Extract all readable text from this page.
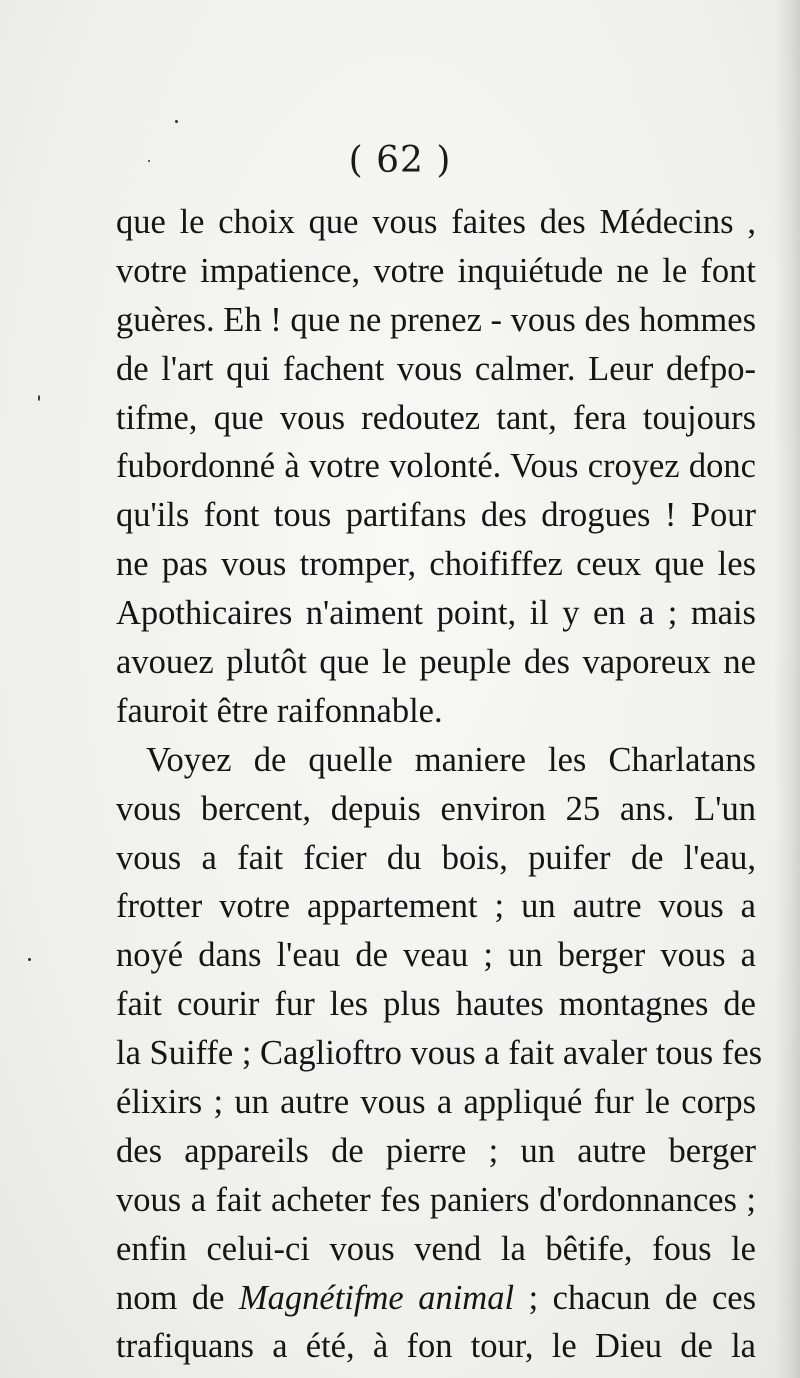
( 62 )
que le choix que vous faites des Médecins ,
votre impatience, votre inquiétude ne le font
guères. Eh ! que ne prenez - vous des hommes
de l'art qui fachent vous calmer. Leur defpo-
tifme, que vous redoutez tant, fera toujours
fubordonné à votre volonté. Vous croyez donc
qu'ils font tous partifans des drogues ! Pour
ne pas vous tromper, choififfez ceux que les
Apothicaires n'aiment point, il y en a ; mais
avouez plutôt que le peuple des vaporeux ne
fauroit être raifonnable.
Voyez de quelle maniere les Charlatans
vous bercent, depuis environ 25 ans. L'un
vous a fait fcier du bois, puifer de l'eau,
frotter votre appartement ; un autre vous a
noyé dans l'eau de veau ; un berger vous a
fait courir fur les plus hautes montagnes de
la Suiffe ; Caglioftro vous a fait avaler tous fes
élixirs ; un autre vous a appliqué fur le corps
des appareils de pierre ; un autre berger
vous a fait acheter fes paniers d'ordonnances ;
enfin celui-ci vous vend la bêtife, fous le
nom de Magnétifme animal ; chacun de ces
trafiquans a été, à fon tour, le Dieu de la
